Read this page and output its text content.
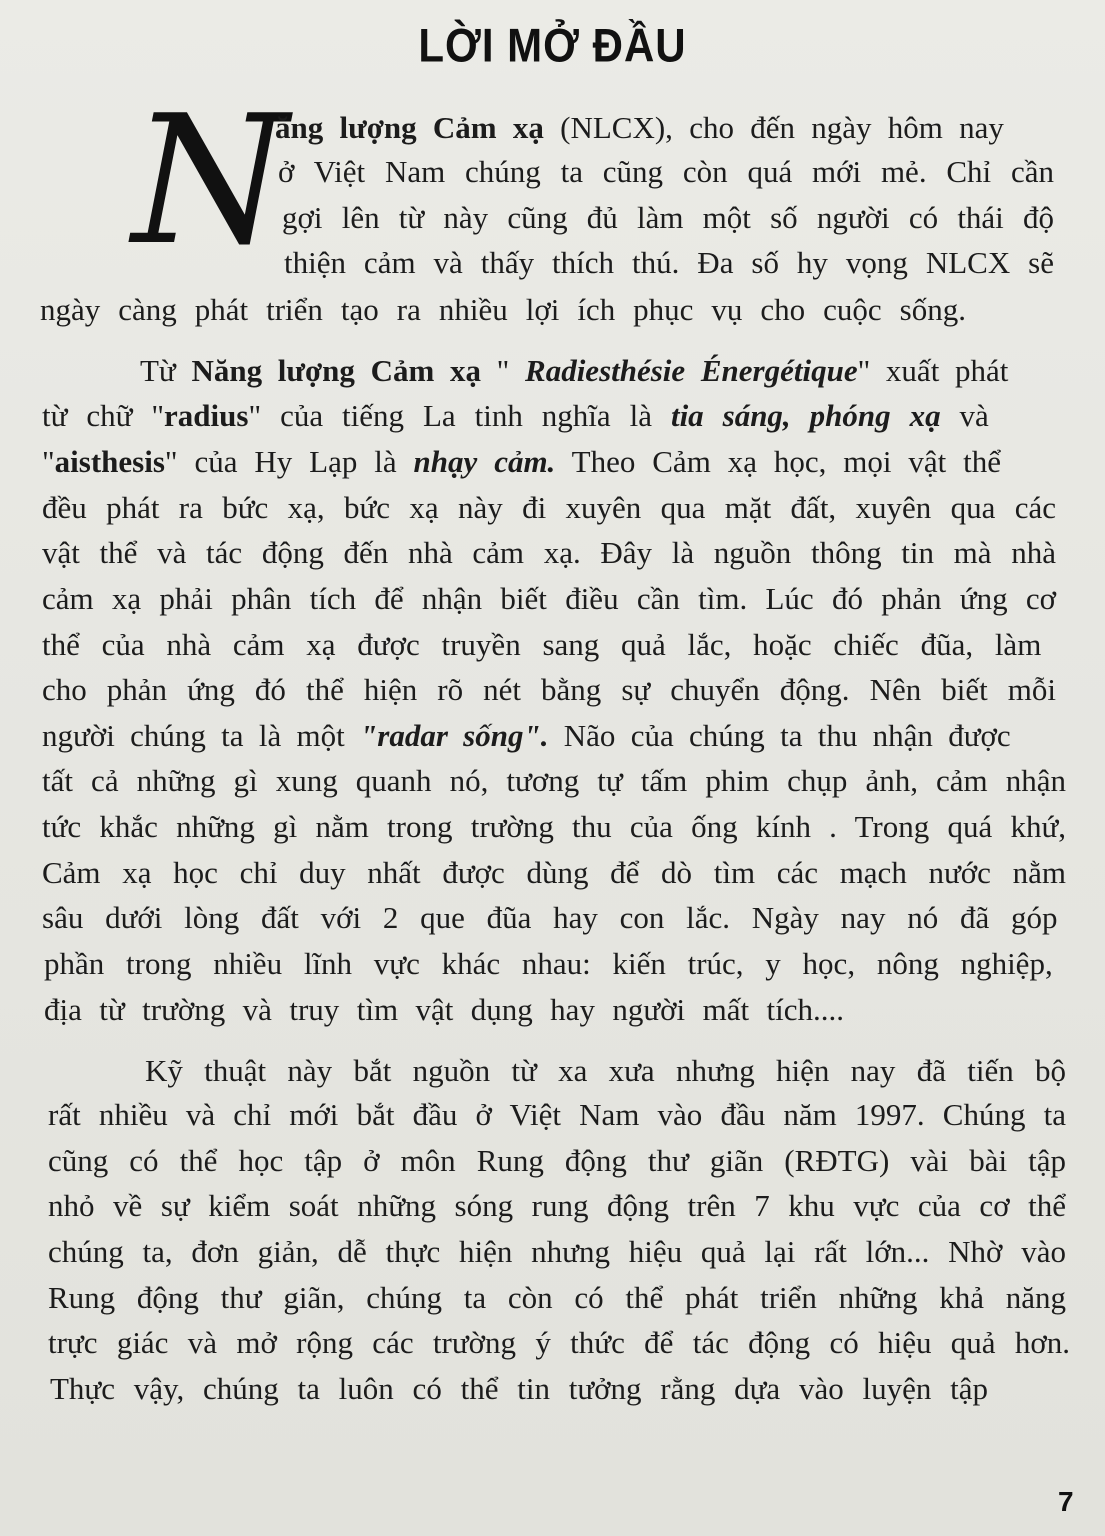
LỜI MỞ ĐẦU
N
ăng lượng Cảm xạ (NLCX), cho đến ngày hôm nay
ở Việt Nam chúng ta cũng còn quá mới mẻ. Chỉ cần
gợi lên từ này cũng đủ làm một số người có thái độ
thiện cảm và thấy thích thú. Đa số hy vọng NLCX sẽ
ngày càng phát triển tạo ra nhiều lợi ích phục vụ cho cuộc sống.
Từ Năng lượng Cảm xạ " Radiesthésie Énergétique" xuất phát
từ chữ "radius" của tiếng La tinh nghĩa là tia sáng, phóng xạ và
"aisthesis" của Hy Lạp là nhạy cảm. Theo Cảm xạ học, mọi vật thể
đều phát ra bức xạ, bức xạ này đi xuyên qua mặt đất, xuyên qua các
vật thể và tác động đến nhà cảm xạ. Đây là nguồn thông tin mà nhà
cảm xạ phải phân tích để nhận biết điều cần tìm. Lúc đó phản ứng cơ
thể của nhà cảm xạ được truyền sang quả lắc, hoặc chiếc đũa, làm
cho phản ứng đó thể hiện rõ nét bằng sự chuyển động. Nên biết mỗi
người chúng ta là một "radar sống". Não của chúng ta thu nhận được
tất cả những gì xung quanh nó, tương tự tấm phim chụp ảnh, cảm nhận
tức khắc những gì nằm trong trường thu của ống kính . Trong quá khứ,
Cảm xạ học chỉ duy nhất được dùng để dò tìm các mạch nước nằm
sâu dưới lòng đất với 2 que đũa hay con lắc. Ngày nay nó đã góp
phần trong nhiều lĩnh vực khác nhau: kiến trúc, y học, nông nghiệp,
địa từ trường và truy tìm vật dụng hay người mất tích....
Kỹ thuật này bắt nguồn từ xa xưa nhưng hiện nay đã tiến bộ
rất nhiều và chỉ mới bắt đầu ở Việt Nam vào đầu năm 1997. Chúng ta
cũng có thể học tập ở môn Rung động thư giãn (RĐTG) vài bài tập
nhỏ về sự kiểm soát những sóng rung động trên 7 khu vực của cơ thể
chúng ta, đơn giản, dễ thực hiện nhưng hiệu quả lại rất lớn... Nhờ vào
Rung động thư giãn, chúng ta còn có thể phát triển những khả năng
trực giác và mở rộng các trường ý thức để tác động có hiệu quả hơn.
Thực vậy, chúng ta luôn có thể tin tưởng rằng dựa vào luyện tập
7
